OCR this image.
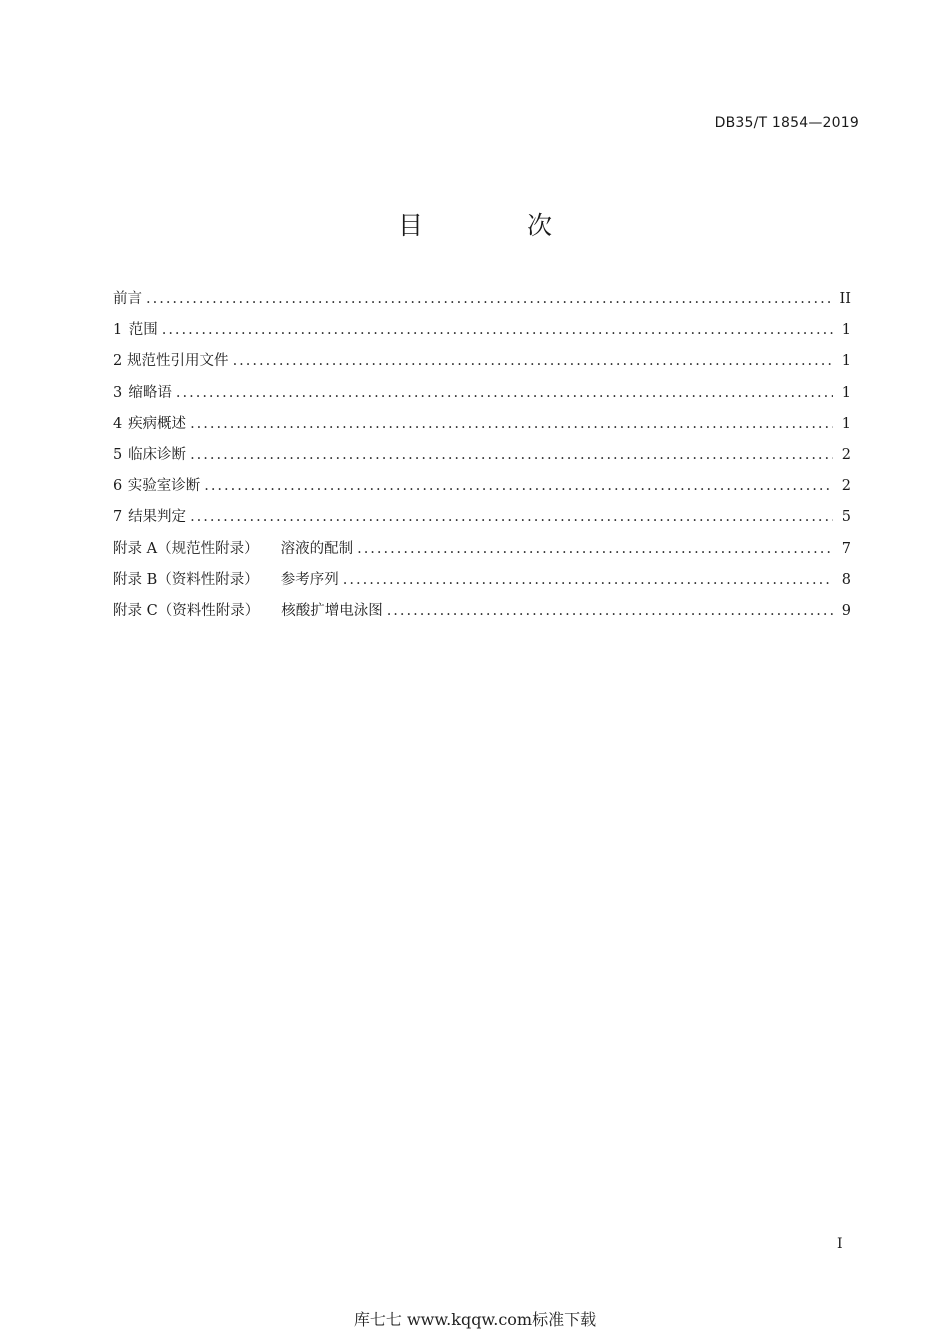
DB35/T 1854—2019
目 次
前言 .....	II
1 范围 .....	1
2 规范性引用文件 .....	1
3 缩略语 .....	1
4 疾病概述 .....	1
5 临床诊断 .....	2
6 实验室诊断 .....	2
7 结果判定 .....	5
附录 A（规范性附录） 溶液的配制 .....	7
附录 B（资料性附录） 参考序列 .....	8
附录 C（资料性附录） 核酸扩增电泳图 .....	9
I
库七七 www.kqqw.com标准下载
